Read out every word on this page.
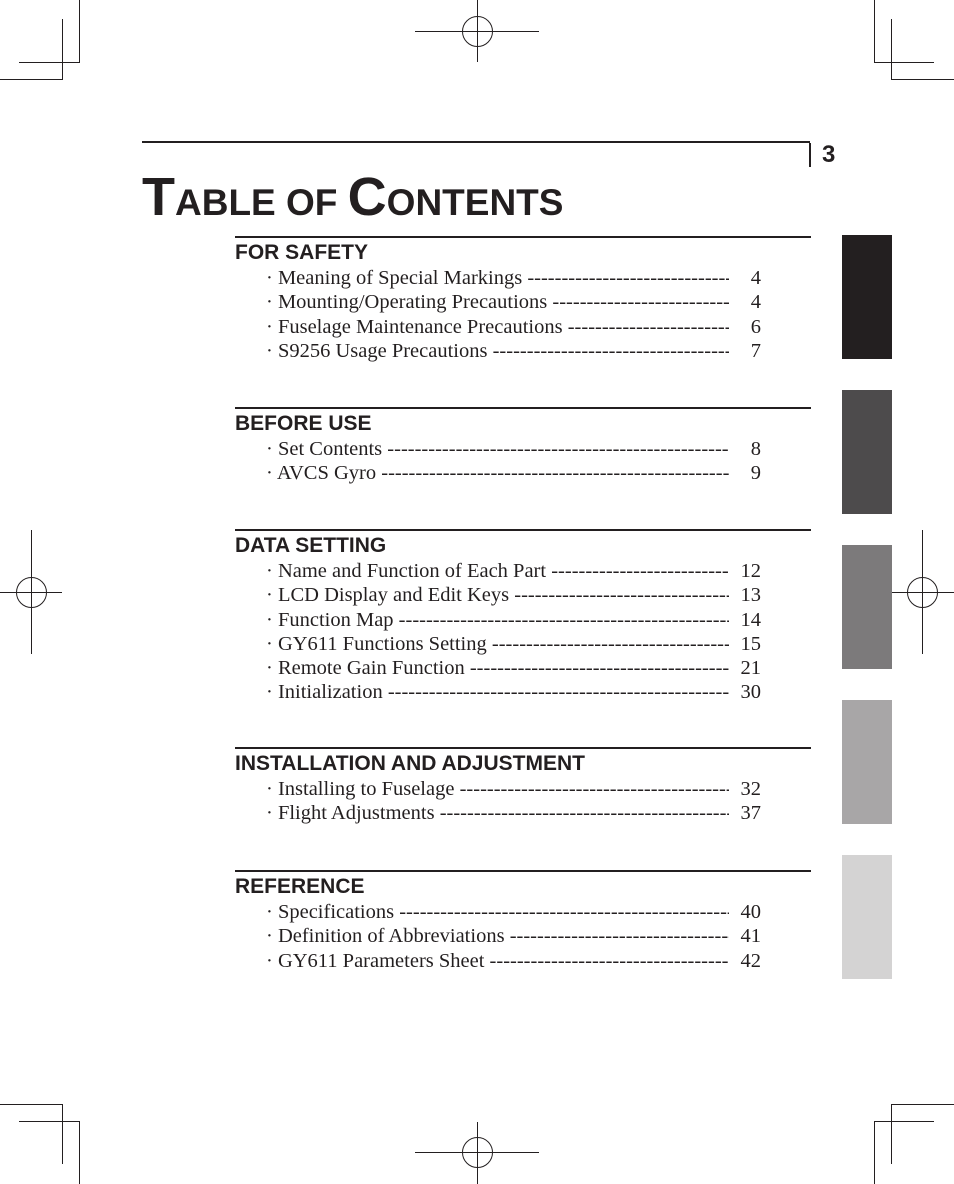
3
TABLE OF CONTENTS
FOR SAFETY
· Meaning of Special Markings -----	4
· Mounting/Operating Precautions -----	4
· Fuselage Maintenance Precautions -----	6
· S9256 Usage Precautions -----	7
BEFORE USE
· Set Contents -----	8
· AVCS Gyro -----	9
DATA SETTING
· Name and Function of Each Part -----	12
· LCD Display and Edit Keys -----	13
· Function Map -----	14
· GY611 Functions Setting -----	15
· Remote Gain Function -----	21
· Initialization -----	30
INSTALLATION AND ADJUSTMENT
· Installing to Fuselage -----	32
· Flight Adjustments -----	37
REFERENCE
· Specifications -----	40
· Definition of Abbreviations -----	41
· GY611 Parameters Sheet -----	42
